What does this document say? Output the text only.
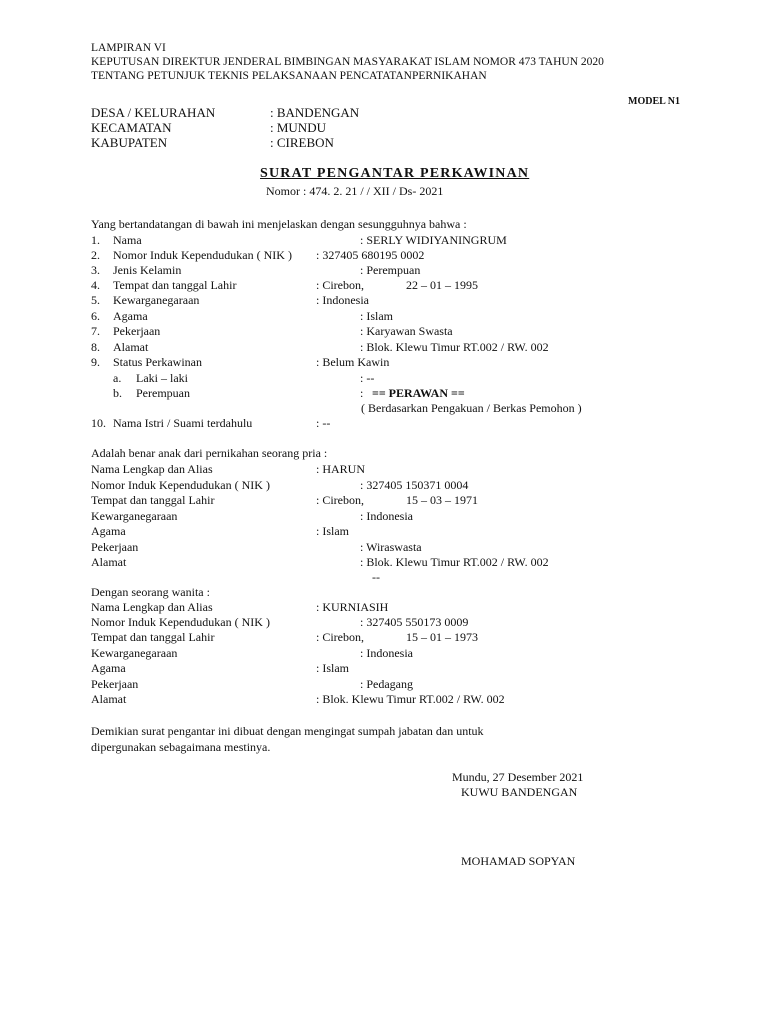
LAMPIRAN VI
KEPUTUSAN DIREKTUR JENDERAL BIMBINGAN MASYARAKAT ISLAM NOMOR 473 TAHUN 2020
TENTANG PETUNJUK TEKNIS PELAKSANAAN PENCATATANPERNIKAHAN
MODEL N1
DESA / KELURAHAN	: BANDENGAN
KECAMATAN	: MUNDU
KABUPATEN	: CIREBON
SURAT PENGANTAR PERKAWINAN
Nomor : 474. 2. 21 / / XII / Ds- 2021
Yang bertandatangan di bawah ini menjelaskan dengan sesungguhnya bahwa :
1. Nama	: SERLY WIDIYANINGRUM
2. Nomor Induk Kependudukan ( NIK ) : 327405 680195 0002
3. Jenis Kelamin	: Perempuan
4. Tempat dan tanggal Lahir	: Cirebon,	22 – 01 – 1995
5. Kewarganegaraan	: Indonesia
6. Agama	: Islam
7. Pekerjaan	: Karyawan Swasta
8. Alamat	: Blok. Klewu Timur RT.002 / RW. 002
9. Status Perkawinan	: Belum Kawin
a. Laki – laki	: --
b. Perempuan	: == PERAWAN ==
( Berdasarkan Pengakuan / Berkas Pemohon )
10. Nama Istri / Suami terdahulu	: --
Adalah benar anak dari pernikahan seorang pria :
Nama Lengkap dan Alias	: HARUN
Nomor Induk Kependudukan ( NIK )	: 327405 150371 0004
Tempat dan tanggal Lahir	: Cirebon,	15 – 03 – 1971
Kewarganegaraan	: Indonesia
Agama	: Islam
Pekerjaan	: Wiraswasta
Alamat	: Blok. Klewu Timur RT.002 / RW. 002
--
Dengan seorang wanita :
Nama Lengkap dan Alias	: KURNIASIH
Nomor Induk Kependudukan ( NIK )	: 327405 550173 0009
Tempat dan tanggal Lahir	: Cirebon,	15 – 01 – 1973
Kewarganegaraan	: Indonesia
Agama	: Islam
Pekerjaan	: Pedagang
Alamat	: Blok. Klewu Timur RT.002 / RW. 002
Demikian surat pengantar ini dibuat dengan mengingat sumpah jabatan dan untuk
dipergunakan sebagaimana mestinya.
Mundu, 27 Desember 2021
KUWU BANDENGAN
MOHAMAD SOPYAN
